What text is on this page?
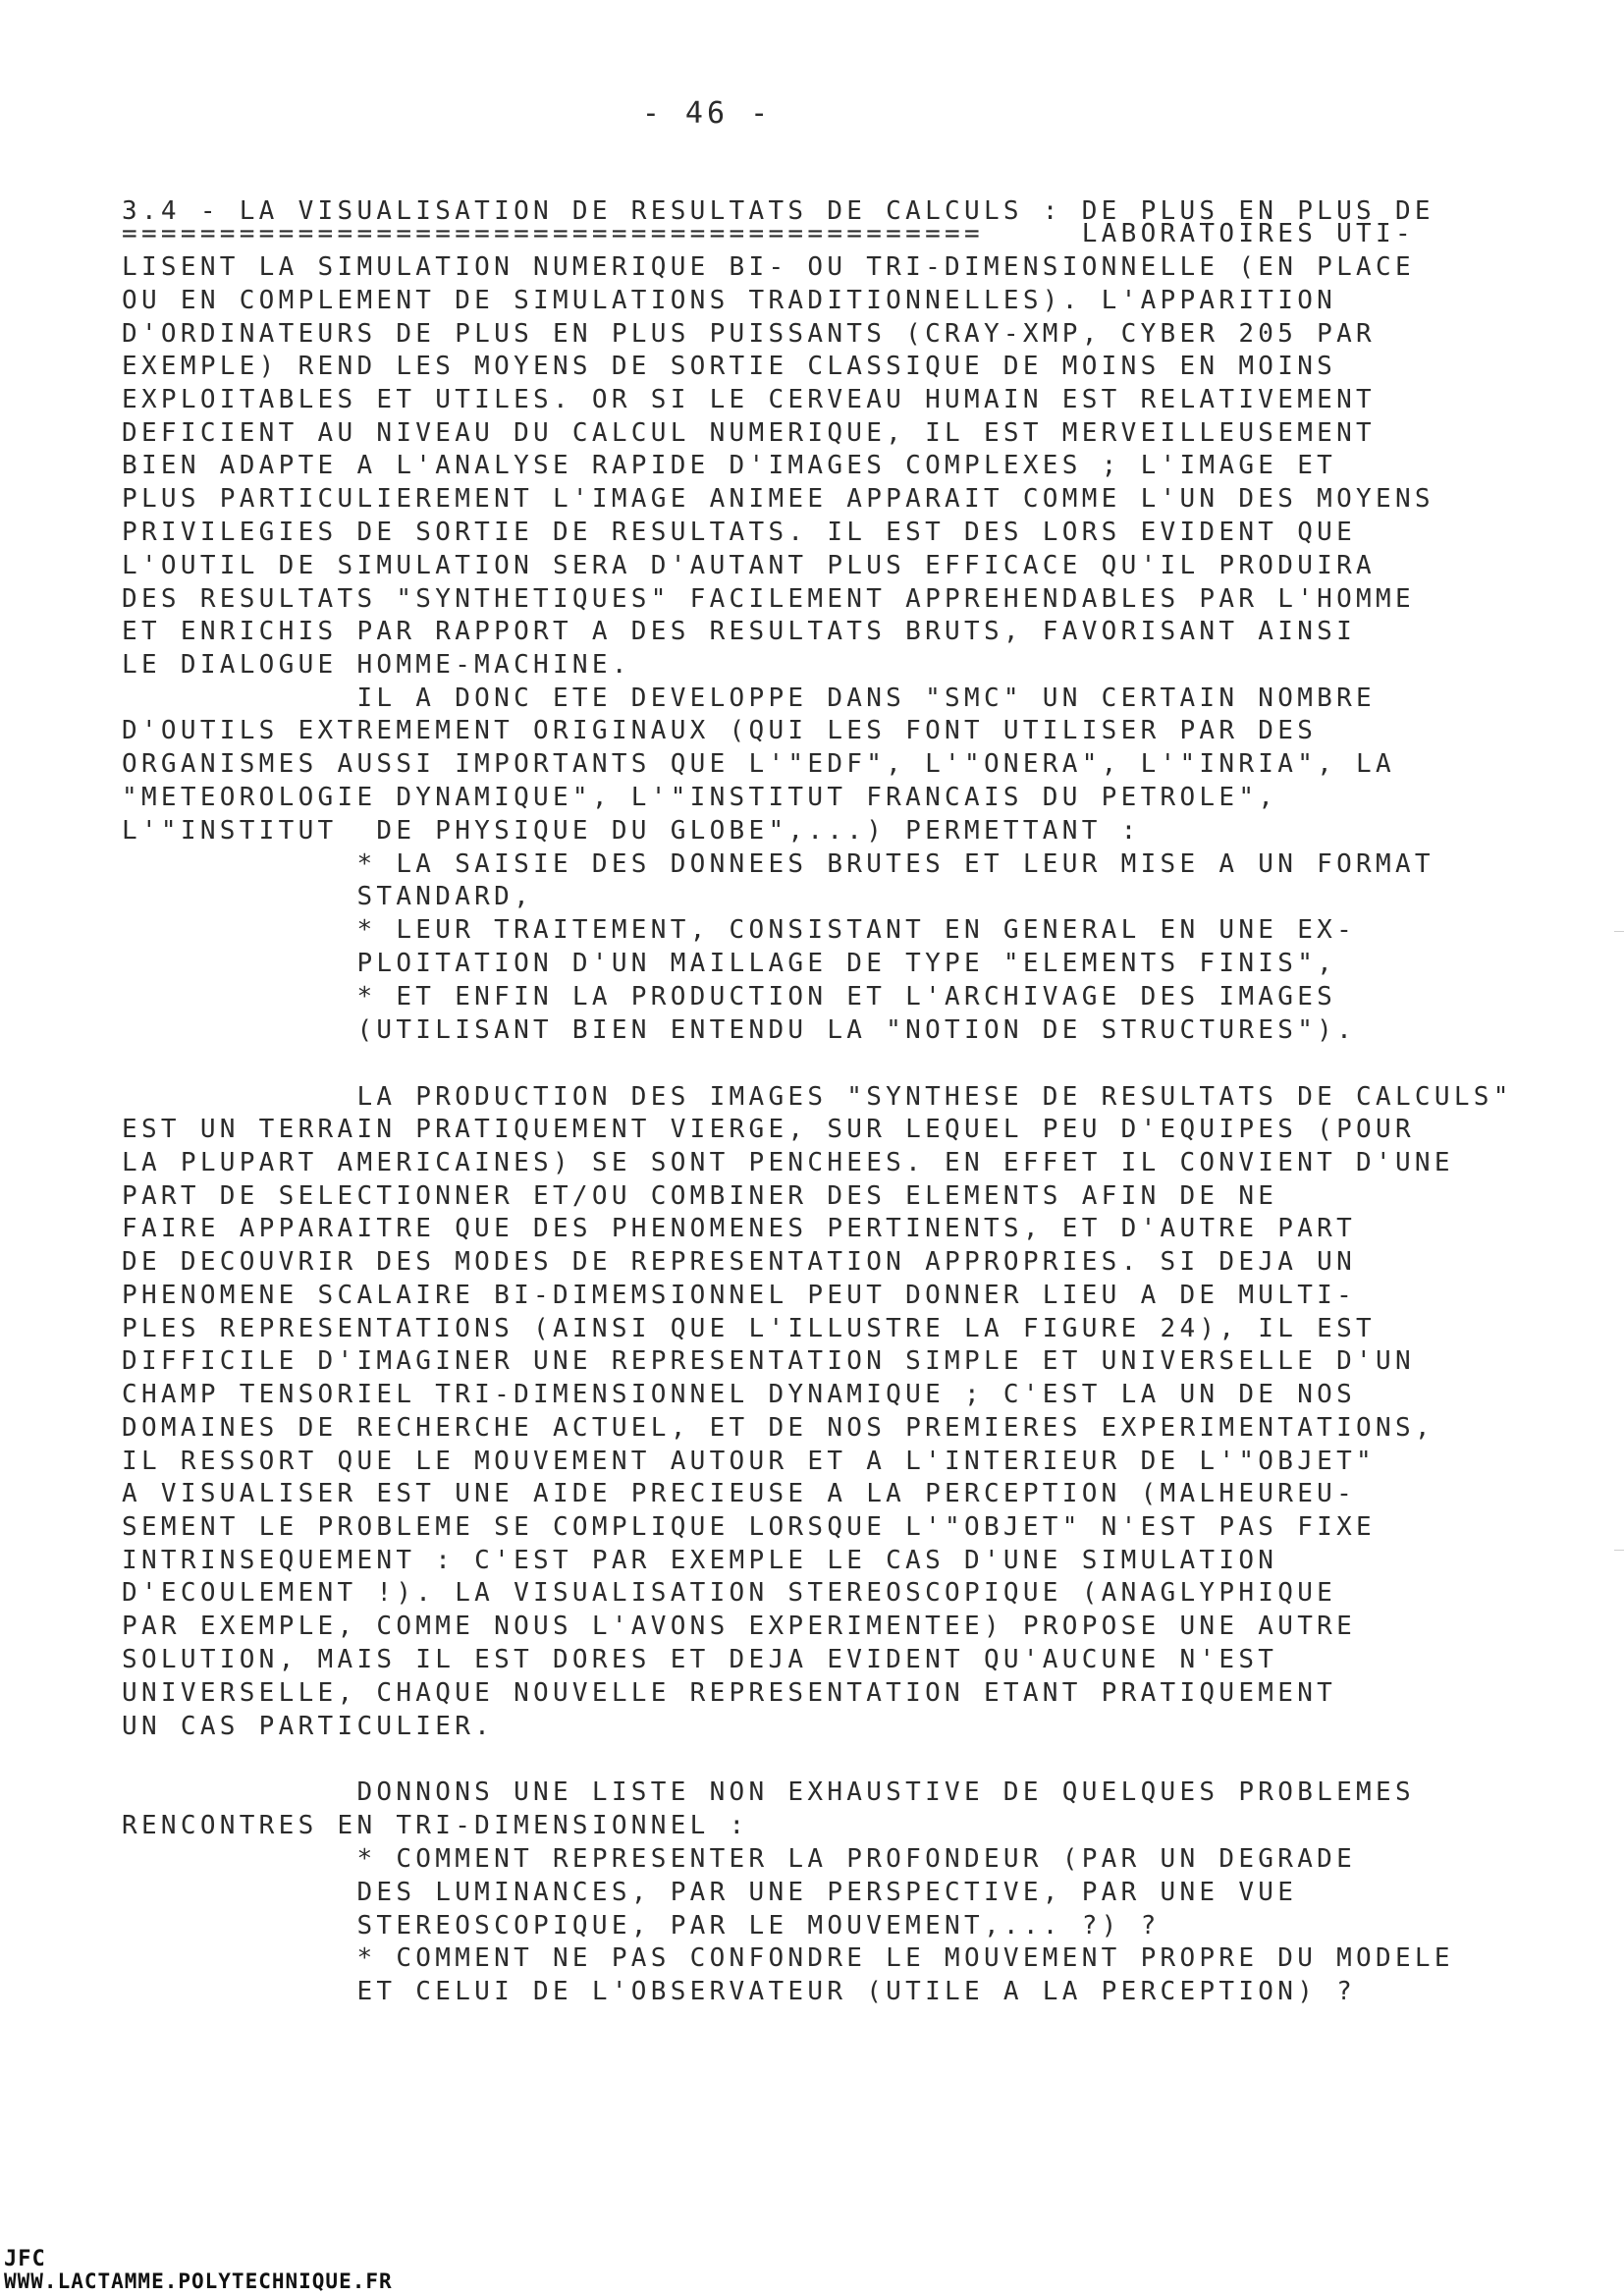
- 46 -
3.4 - LA VISUALISATION DE RESULTATS DE CALCULS : DE PLUS EN PLUS DE
============================================     LABORATOIRES UTI-
LISENT LA SIMULATION NUMERIQUE BI- OU TRI-DIMENSIONNELLE (EN PLACE
OU EN COMPLEMENT DE SIMULATIONS TRADITIONNELLES). L'APPARITION
D'ORDINATEURS DE PLUS EN PLUS PUISSANTS (CRAY-XMP, CYBER 205 PAR
EXEMPLE) REND LES MOYENS DE SORTIE CLASSIQUE DE MOINS EN MOINS
EXPLOITABLES ET UTILES. OR SI LE CERVEAU HUMAIN EST RELATIVEMENT
DEFICIENT AU NIVEAU DU CALCUL NUMERIQUE, IL EST MERVEILLEUSEMENT
BIEN ADAPTE A L'ANALYSE RAPIDE D'IMAGES COMPLEXES ; L'IMAGE ET
PLUS PARTICULIEREMENT L'IMAGE ANIMEE APPARAIT COMME L'UN DES MOYENS
PRIVILEGIES DE SORTIE DE RESULTATS. IL EST DES LORS EVIDENT QUE
L'OUTIL DE SIMULATION SERA D'AUTANT PLUS EFFICACE QU'IL PRODUIRA
DES RESULTATS "SYNTHETIQUES" FACILEMENT APPREHENDABLES PAR L'HOMME
ET ENRICHIS PAR RAPPORT A DES RESULTATS BRUTS, FAVORISANT AINSI
LE DIALOGUE HOMME-MACHINE.
IL A DONC ETE DEVELOPPE DANS "SMC" UN CERTAIN NOMBRE
D'OUTILS EXTREMEMENT ORIGINAUX (QUI LES FONT UTILISER PAR DES
ORGANISMES AUSSI IMPORTANTS QUE L'"EDF", L'"ONERA", L'"INRIA", LA
"METEOROLOGIE DYNAMIQUE", L'"INSTITUT FRANCAIS DU PETROLE",
L'"INSTITUT  DE PHYSIQUE DU GLOBE",...) PERMETTANT :
* LA SAISIE DES DONNEES BRUTES ET LEUR MISE A UN FORMAT
STANDARD,
* LEUR TRAITEMENT, CONSISTANT EN GENERAL EN UNE EX-
PLOITATION D'UN MAILLAGE DE TYPE "ELEMENTS FINIS",
* ET ENFIN LA PRODUCTION ET L'ARCHIVAGE DES IMAGES
(UTILISANT BIEN ENTENDU LA "NOTION DE STRUCTURES").
LA PRODUCTION DES IMAGES "SYNTHESE DE RESULTATS DE CALCULS"
EST UN TERRAIN PRATIQUEMENT VIERGE, SUR LEQUEL PEU D'EQUIPES (POUR
LA PLUPART AMERICAINES) SE SONT PENCHEES. EN EFFET IL CONVIENT D'UNE
PART DE SELECTIONNER ET/OU COMBINER DES ELEMENTS AFIN DE NE
FAIRE APPARAITRE QUE DES PHENOMENES PERTINENTS, ET D'AUTRE PART
DE DECOUVRIR DES MODES DE REPRESENTATION APPROPRIES. SI DEJA UN
PHENOMENE SCALAIRE BI-DIMEMSIONNEL PEUT DONNER LIEU A DE MULTI-
PLES REPRESENTATIONS (AINSI QUE L'ILLUSTRE LA FIGURE 24), IL EST
DIFFICILE D'IMAGINER UNE REPRESENTATION SIMPLE ET UNIVERSELLE D'UN
CHAMP TENSORIEL TRI-DIMENSIONNEL DYNAMIQUE ; C'EST LA UN DE NOS
DOMAINES DE RECHERCHE ACTUEL, ET DE NOS PREMIERES EXPERIMENTATIONS,
IL RESSORT QUE LE MOUVEMENT AUTOUR ET A L'INTERIEUR DE L'"OBJET"
A VISUALISER EST UNE AIDE PRECIEUSE A LA PERCEPTION (MALHEUREU-
SEMENT LE PROBLEME SE COMPLIQUE LORSQUE L'"OBJET" N'EST PAS FIXE
INTRINSEQUEMENT : C'EST PAR EXEMPLE LE CAS D'UNE SIMULATION
D'ECOULEMENT !). LA VISUALISATION STEREOSCOPIQUE (ANAGLYPHIQUE
PAR EXEMPLE, COMME NOUS L'AVONS EXPERIMENTEE) PROPOSE UNE AUTRE
SOLUTION, MAIS IL EST DORES ET DEJA EVIDENT QU'AUCUNE N'EST
UNIVERSELLE, CHAQUE NOUVELLE REPRESENTATION ETANT PRATIQUEMENT
UN CAS PARTICULIER.
DONNONS UNE LISTE NON EXHAUSTIVE DE QUELQUES PROBLEMES
RENCONTRES EN TRI-DIMENSIONNEL :
* COMMENT REPRESENTER LA PROFONDEUR (PAR UN DEGRADE
DES LUMINANCES, PAR UNE PERSPECTIVE, PAR UNE VUE
STEREOSCOPIQUE, PAR LE MOUVEMENT,... ?) ?
* COMMENT NE PAS CONFONDRE LE MOUVEMENT PROPRE DU MODELE
ET CELUI DE L'OBSERVATEUR (UTILE A LA PERCEPTION) ?
JFC
WWW.LACTAMME.POLYTECHNIQUE.FR
